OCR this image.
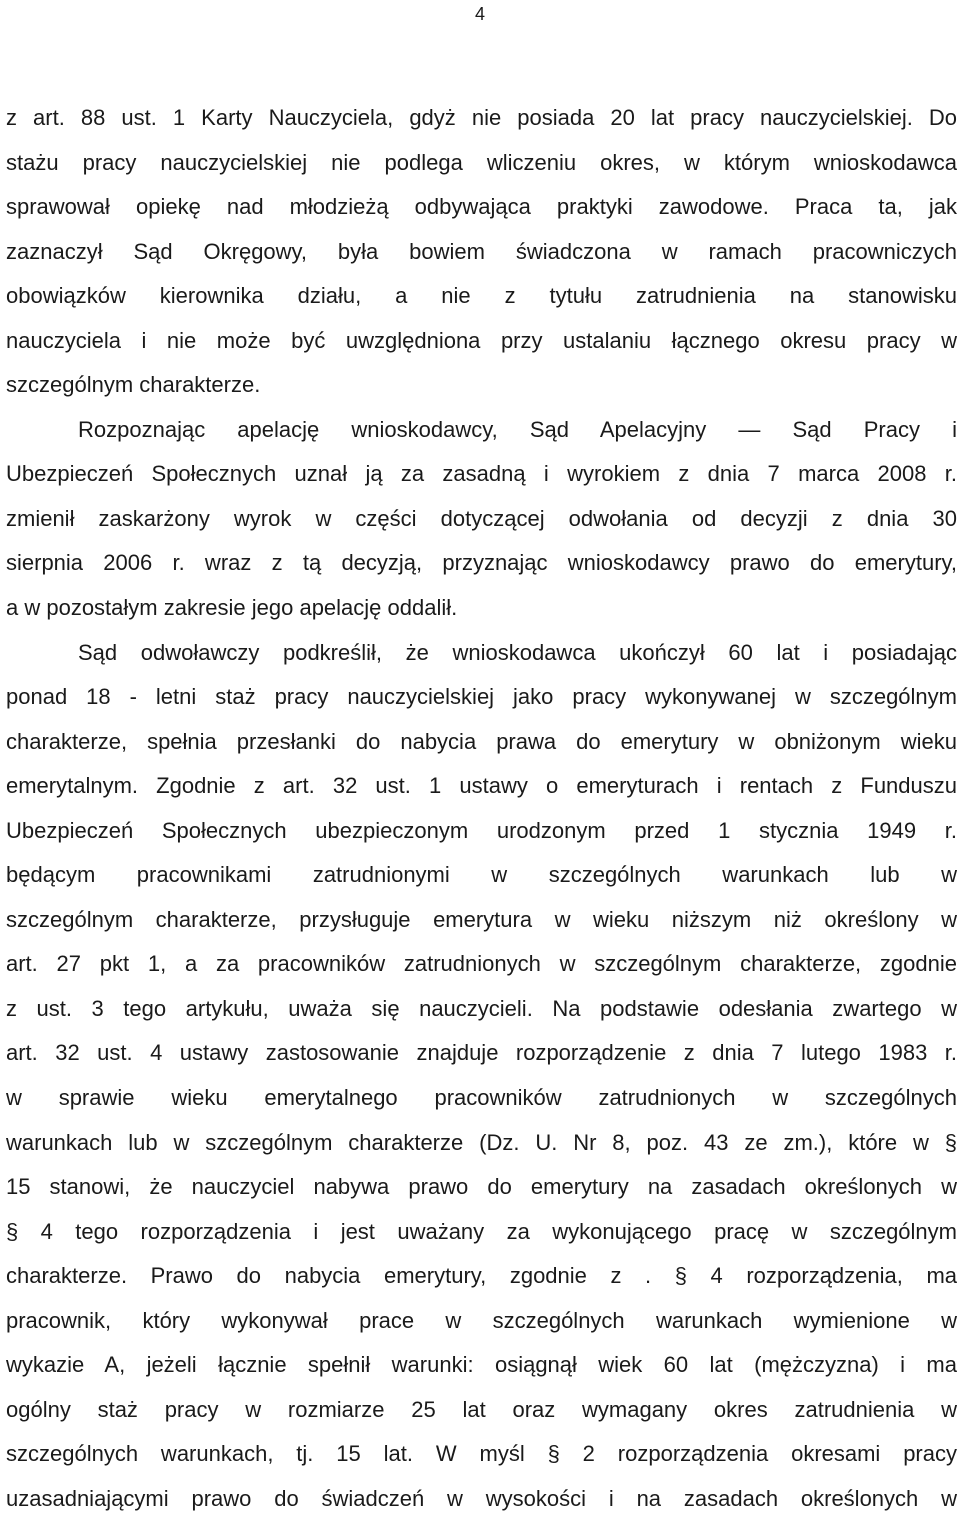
4
z art. 88 ust. 1 Karty Nauczyciela, gdyż nie posiada 20 lat pracy nauczycielskiej. Do
stażu pracy nauczycielskiej nie podlega wliczeniu okres, w którym wnioskodawca
sprawował opiekę nad młodzieżą odbywająca praktyki zawodowe. Praca ta, jak
zaznaczył Sąd Okręgowy, była bowiem świadczona w ramach pracowniczych
obowiązków kierownika działu, a nie z tytułu zatrudnienia na stanowisku
nauczyciela i nie może być uwzględniona przy ustalaniu łącznego okresu pracy w
szczególnym charakterze.
Rozpoznając apelację wnioskodawcy, Sąd Apelacyjny — Sąd Pracy i
Ubezpieczeń Społecznych uznał ją za zasadną i wyrokiem z dnia 7 marca 2008 r.
zmienił zaskarżony wyrok w części dotyczącej odwołania od decyzji z dnia 30
sierpnia 2006 r. wraz z tą decyzją, przyznając wnioskodawcy prawo do emerytury,
a w pozostałym zakresie jego apelację oddalił.
Sąd odwoławczy podkreślił, że wnioskodawca ukończył 60 lat i posiadając
ponad 18 - letni staż pracy nauczycielskiej jako pracy wykonywanej w szczególnym
charakterze, spełnia przesłanki do nabycia prawa do emerytury w obniżonym wieku
emerytalnym. Zgodnie z art. 32 ust. 1 ustawy o emeryturach i rentach z Funduszu
Ubezpieczeń Społecznych ubezpieczonym urodzonym przed 1 stycznia 1949 r.
będącym pracownikami zatrudnionymi w szczególnych warunkach lub w
szczególnym charakterze, przysługuje emerytura w wieku niższym niż określony w
art. 27 pkt 1, a za pracowników zatrudnionych w szczególnym charakterze, zgodnie
z ust. 3 tego artykułu, uważa się nauczycieli. Na podstawie odesłania zwartego w
art. 32 ust. 4 ustawy zastosowanie znajduje rozporządzenie z dnia 7 lutego 1983 r.
w sprawie wieku emerytalnego pracowników zatrudnionych w szczególnych
warunkach lub w szczególnym charakterze (Dz. U. Nr 8, poz. 43 ze zm.), które w §
15 stanowi, że nauczyciel nabywa prawo do emerytury na zasadach określonych w
§ 4 tego rozporządzenia i jest uważany za wykonującego pracę w szczególnym
charakterze. Prawo do nabycia emerytury, zgodnie z . § 4 rozporządzenia, ma
pracownik, który wykonywał prace w szczególnych warunkach wymienione w
wykazie A, jeżeli łącznie spełnił warunki: osiągnął wiek 60 lat (mężczyzna) i ma
ogólny staż pracy w rozmiarze 25 lat oraz wymagany okres zatrudnienia w
szczególnych warunkach, tj. 15 lat. W myśl § 2 rozporządzenia okresami pracy
uzasadniającymi prawo do świadczeń w wysokości i na zasadach określonych w
